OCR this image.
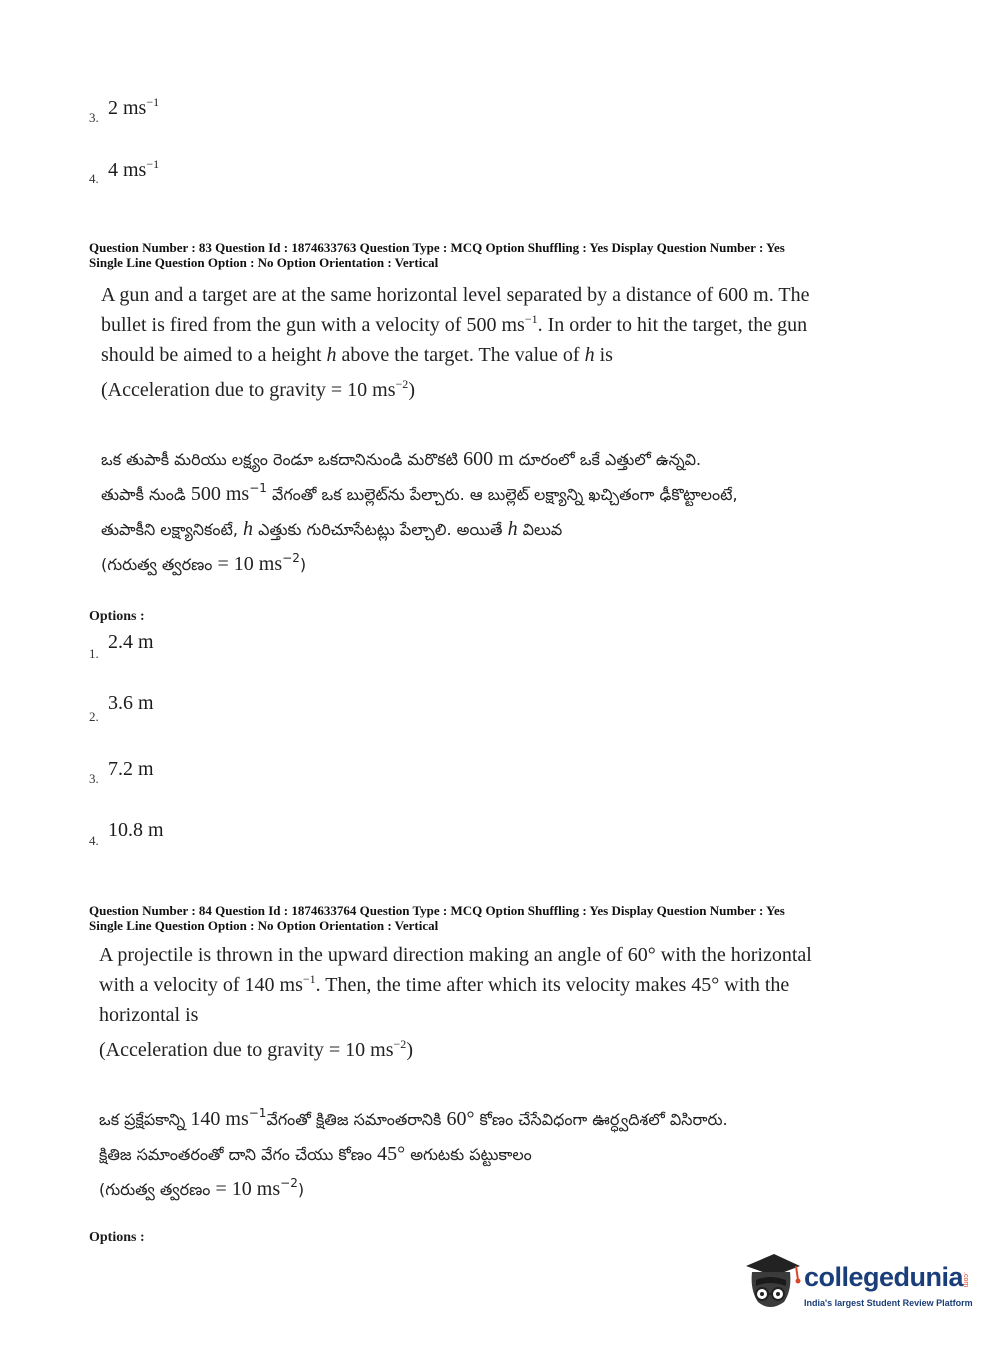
3. 2 $ms^{-1}$
4. 4 $ms^{-1}$
Question Number : 83 Question Id : 1874633763 Question Type : MCQ Option Shuffling : Yes Display Question Number : Yes
Single Line Question Option : No Option Orientation : Vertical

A gun and a target are at the same horizontal level separated by a distance of 600 m. The

bullet is fired from the gun with a velocity of 500 $ms^{-1}$. In order to hit the target, the gun

should be aimed to a height h above the target. The value of h is

(Acceleration due to gravity = 10 $ms^{-2}$)

ఒక తుపాకీ మరియు లక్ష్యం రెండూ ఒకదానినుండి మరొకటి 600 m దూరంలో ఒకే ఎత్తులో ఉన్నవి.

తుపాకీ నుండి 500 $ms^{-1}$ వేగంతో ఒక బుల్లెట్‌ను పేల్చారు. ఆ బుల్లెట్ లక్ష్యాన్ని ఖచ్చితంగా ఢీకొట్టాలంటే,

తుపాకీని లక్ష్యానికంటే, h ఎత్తుకు గురిచూసేటట్లు పేల్చాలి. అయితే h విలువ

(గురుత్వ త్వరణం = 10 $ms^{-2}$)

Options :
1.
2.4 m
2.
3.6 m
3. 7.2 m
4. 10.8 m
Question Number : 84 Question Id : 1874633764 Question Type : MCQ Option Shuffling : Yes Display Question Number : Yes
Single Line Question Option : No Option Orientation : Vertical

A projectile is thrown in the upward direction making an angle of 60° with the horizontal

with a velocity of 140 $ms^{-1}$. Then, the time after which its velocity makes 45° with the

horizontal is

(Acceleration due to gravity = 10 $ms^{-2}$)

ఒక ప్రక్షేపకాన్ని 140 $ms^{-1}వేగంతో$ క్షితిజ సమాంతరానికి 60° కోణం చేసేవిధంగా ఊర్ధ్వదిశలో విసిరారు.

క్షితిజ సమాంతరంతో దాని వేగం చేయు కోణం 45° అగుటకు పట్టుకాలం

(గురుత్వ త్వరణం = 10 $ms^{-2}$)

Options :
collegedunia
.com
India's largest Student Review Platform
